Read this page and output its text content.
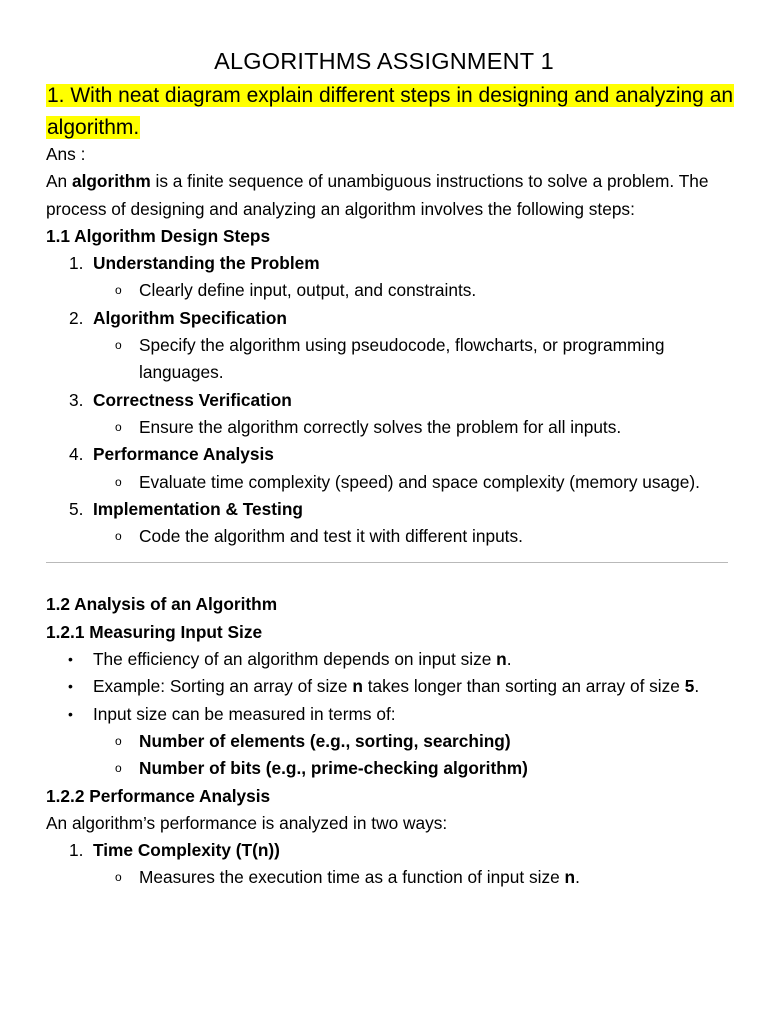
ALGORITHMS ASSIGNMENT 1
1. With neat diagram explain different steps in designing and analyzing an algorithm.

Ans :

An algorithm is a finite sequence of unambiguous instructions to solve a problem. The process of designing and analyzing an algorithm involves the following steps:

1.1 Algorithm Design Steps

1. Understanding the Problem
o Clearly define input, output, and constraints.
2. Algorithm Specification
o Specify the algorithm using pseudocode, flowcharts, or programming languages.
3. Correctness Verification
o Ensure the algorithm correctly solves the problem for all inputs.
4. Performance Analysis
o Evaluate time complexity (speed) and space complexity (memory usage).
5. Implementation & Testing
o Code the algorithm and test it with different inputs.

1.2 Analysis of an Algorithm

1.2.1 Measuring Input Size

• The efficiency of an algorithm depends on input size n.
• Example: Sorting an array of size n takes longer than sorting an array of size 5.
• Input size can be measured in terms of:
o Number of elements (e.g., sorting, searching)
o Number of bits (e.g., prime-checking algorithm)

1.2.2 Performance Analysis

An algorithm’s performance is analyzed in two ways:

1. Time Complexity (T(n))
o Measures the execution time as a function of input size n.
